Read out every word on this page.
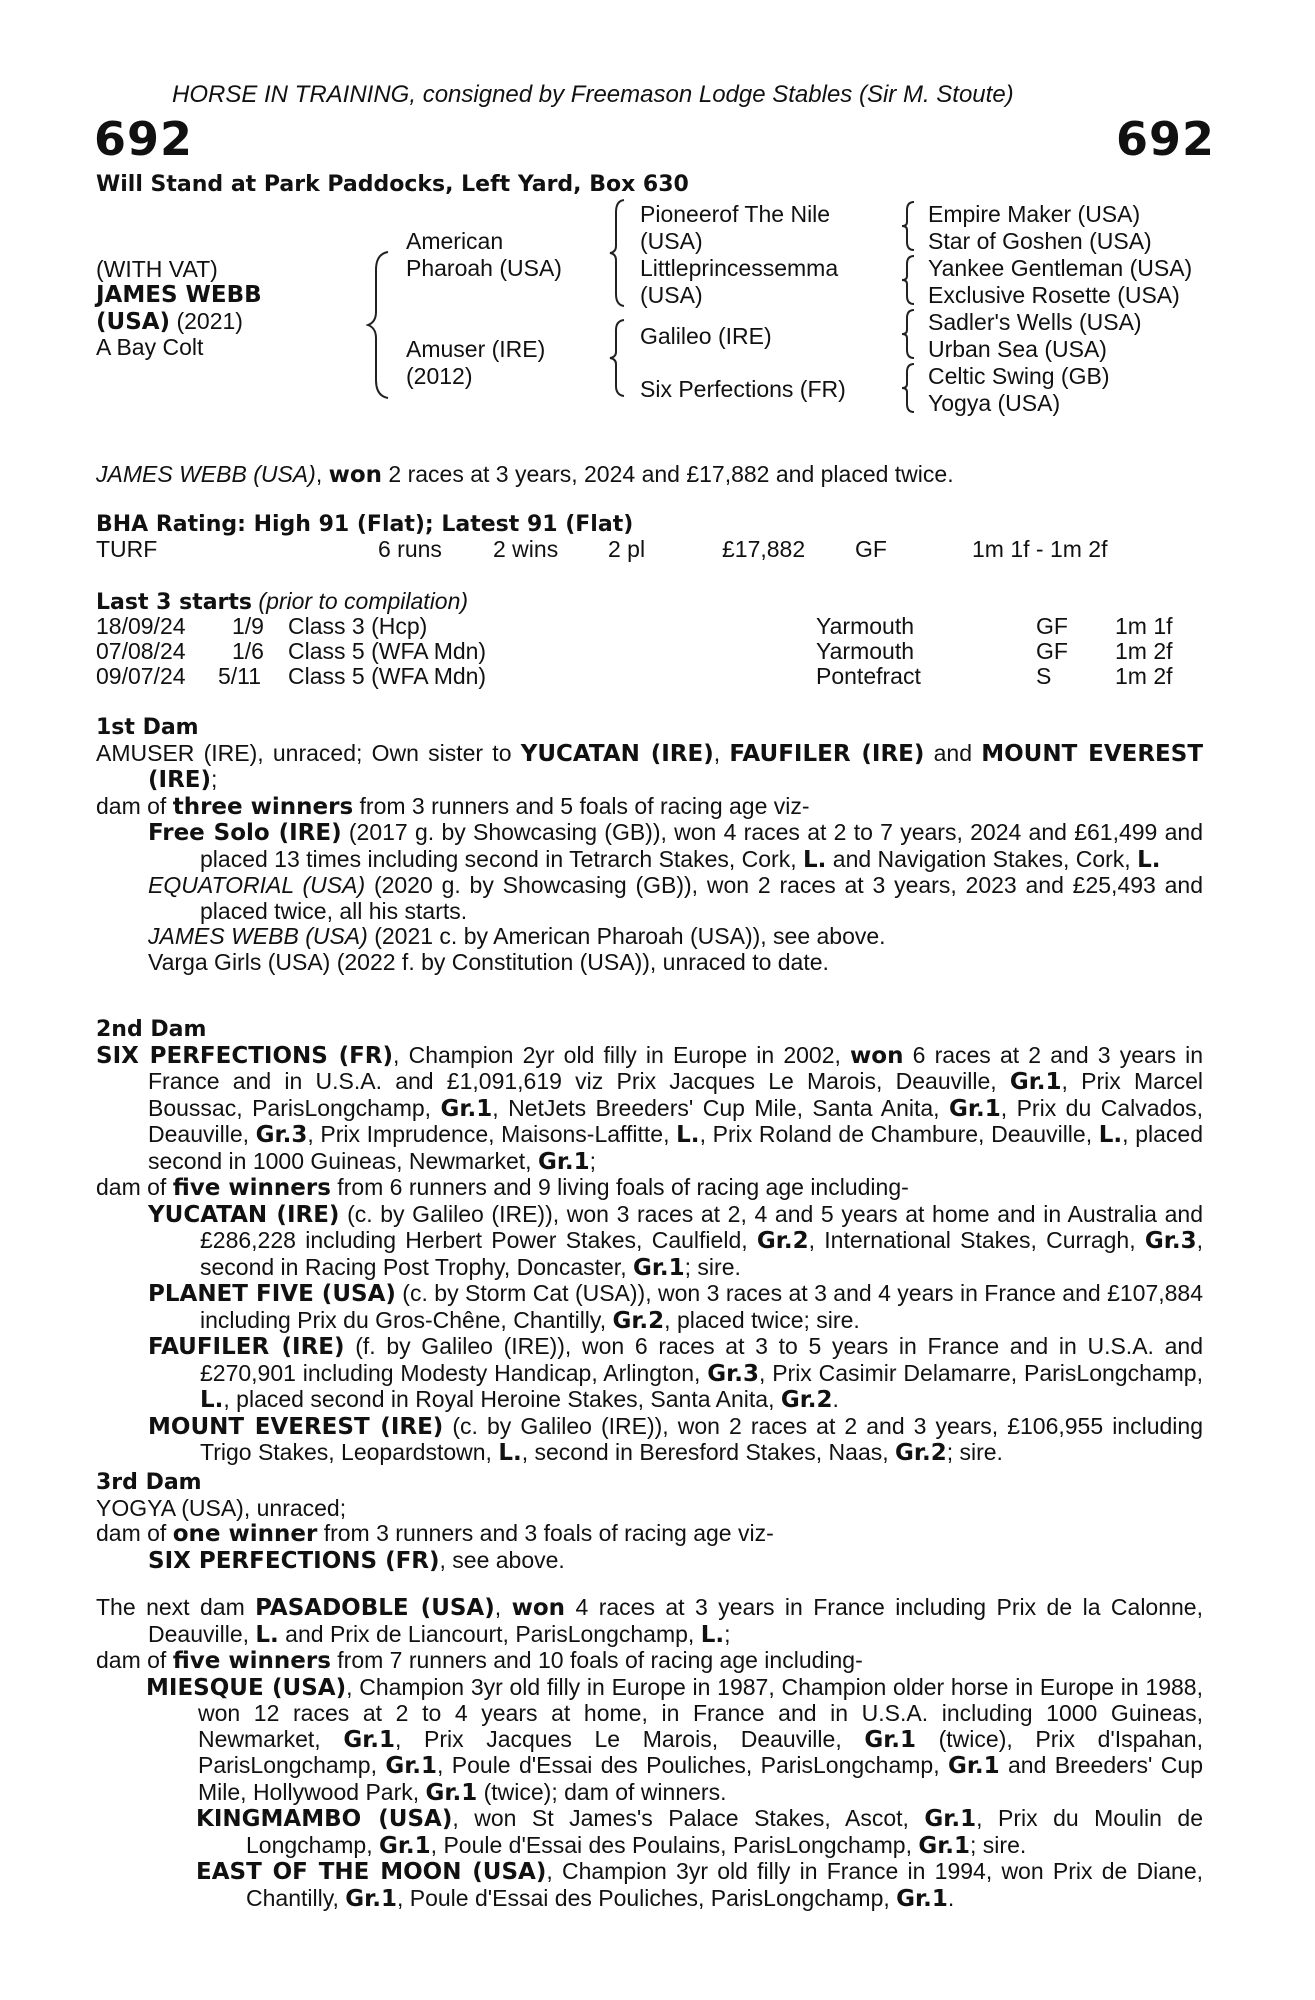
HORSE IN TRAINING, consigned by Freemason Lodge Stables (Sir M. Stoute)
692	692
Will Stand at Park Paddocks, Left Yard, Box 630
(WITH VAT)
JAMES WEBB
(USA) (2021)
A Bay Colt
American
Pharoah (USA)
Amuser (IRE)
(2012)
Pioneerof The Nile
(USA)
Littleprincessemma
(USA)
Galileo (IRE)
Six Perfections (FR)
Empire Maker (USA)
Star of Goshen (USA)
Yankee Gentleman (USA)
Exclusive Rosette (USA)
Sadler's Wells (USA)
Urban Sea (USA)
Celtic Swing (GB)
Yogya (USA)
JAMES WEBB (USA), won 2 races at 3 years, 2024 and £17,882 and placed twice.
BHA Rating: High 91 (Flat); Latest 91 (Flat)
TURF	6 runs 2 wins 2 pl	£17,882 GF	1m 1f - 1m 2f
Last 3 starts (prior to compilation)
18/09/24 1/9 Class 3 (Hcp)	Yarmouth	GF 1m 1f
07/08/24 1/6 Class 5 (WFA Mdn)	Yarmouth	GF 1m 2f
09/07/24 5/11 Class 5 (WFA Mdn)	Pontefract	S	1m 2f

1st Dam

AMUSER (IRE), unraced; Own sister to YUCATAN (IRE), FAUFILER (IRE) and MOUNT EVEREST (IRE);

dam of three winners from 3 runners and 5 foals of racing age viz-

Free Solo (IRE) (2017 g. by Showcasing (GB)), won 4 races at 2 to 7 years, 2024 and £61,499 and placed 13 times including second in Tetrarch Stakes, Cork, L. and Navigation Stakes, Cork, L.

EQUATORIAL (USA) (2020 g. by Showcasing (GB)), won 2 races at 3 years, 2023 and £25,493 and placed twice, all his starts.

JAMES WEBB (USA) (2021 c. by American Pharoah (USA)), see above.

Varga Girls (USA) (2022 f. by Constitution (USA)), unraced to date.

2nd Dam

SIX PERFECTIONS (FR), Champion 2yr old filly in Europe in 2002, won 6 races at 2 and 3 years in France and in U.S.A. and £1,091,619 viz Prix Jacques Le Marois, Deauville, Gr.1, Prix Marcel Boussac, ParisLongchamp, Gr.1, NetJets Breeders' Cup Mile, Santa Anita, Gr.1, Prix du Calvados, Deauville, Gr.3, Prix Imprudence, Maisons-Laffitte, L., Prix Roland de Chambure, Deauville, L., placed second in 1000 Guineas, Newmarket, Gr.1;

dam of five winners from 6 runners and 9 living foals of racing age including-

YUCATAN (IRE) (c. by Galileo (IRE)), won 3 races at 2, 4 and 5 years at home and in Australia and £286,228 including Herbert Power Stakes, Caulfield, Gr.2, International Stakes, Curragh, Gr.3, second in Racing Post Trophy, Doncaster, Gr.1; sire.

PLANET FIVE (USA) (c. by Storm Cat (USA)), won 3 races at 3 and 4 years in France and £107,884 including Prix du Gros-Chêne, Chantilly, Gr.2, placed twice; sire.

FAUFILER (IRE) (f. by Galileo (IRE)), won 6 races at 3 to 5 years in France and in U.S.A. and £270,901 including Modesty Handicap, Arlington, Gr.3, Prix Casimir Delamarre, ParisLongchamp, L., placed second in Royal Heroine Stakes, Santa Anita, Gr.2.

MOUNT EVEREST (IRE) (c. by Galileo (IRE)), won 2 races at 2 and 3 years, £106,955 including Trigo Stakes, Leopardstown, L., second in Beresford Stakes, Naas, Gr.2; sire.

3rd Dam

YOGYA (USA), unraced;

dam of one winner from 3 runners and 3 foals of racing age viz-

SIX PERFECTIONS (FR), see above.

The next dam PASADOBLE (USA), won 4 races at 3 years in France including Prix de la Calonne, Deauville, L. and Prix de Liancourt, ParisLongchamp, L.;

dam of five winners from 7 runners and 10 foals of racing age including-

MIESQUE (USA), Champion 3yr old filly in Europe in 1987, Champion older horse in Europe in 1988, won 12 races at 2 to 4 years at home, in France and in U.S.A. including 1000 Guineas, Newmarket, Gr.1, Prix Jacques Le Marois, Deauville, Gr.1 (twice), Prix d'Ispahan, ParisLongchamp, Gr.1, Poule d'Essai des Pouliches, ParisLongchamp, Gr.1 and Breeders' Cup Mile, Hollywood Park, Gr.1 (twice); dam of winners.

KINGMAMBO (USA), won St James's Palace Stakes, Ascot, Gr.1, Prix du Moulin de Longchamp, Gr.1, Poule d'Essai des Poulains, ParisLongchamp, Gr.1; sire.

EAST OF THE MOON (USA), Champion 3yr old filly in France in 1994, won Prix de Diane, Chantilly, Gr.1, Poule d'Essai des Pouliches, ParisLongchamp, Gr.1.
